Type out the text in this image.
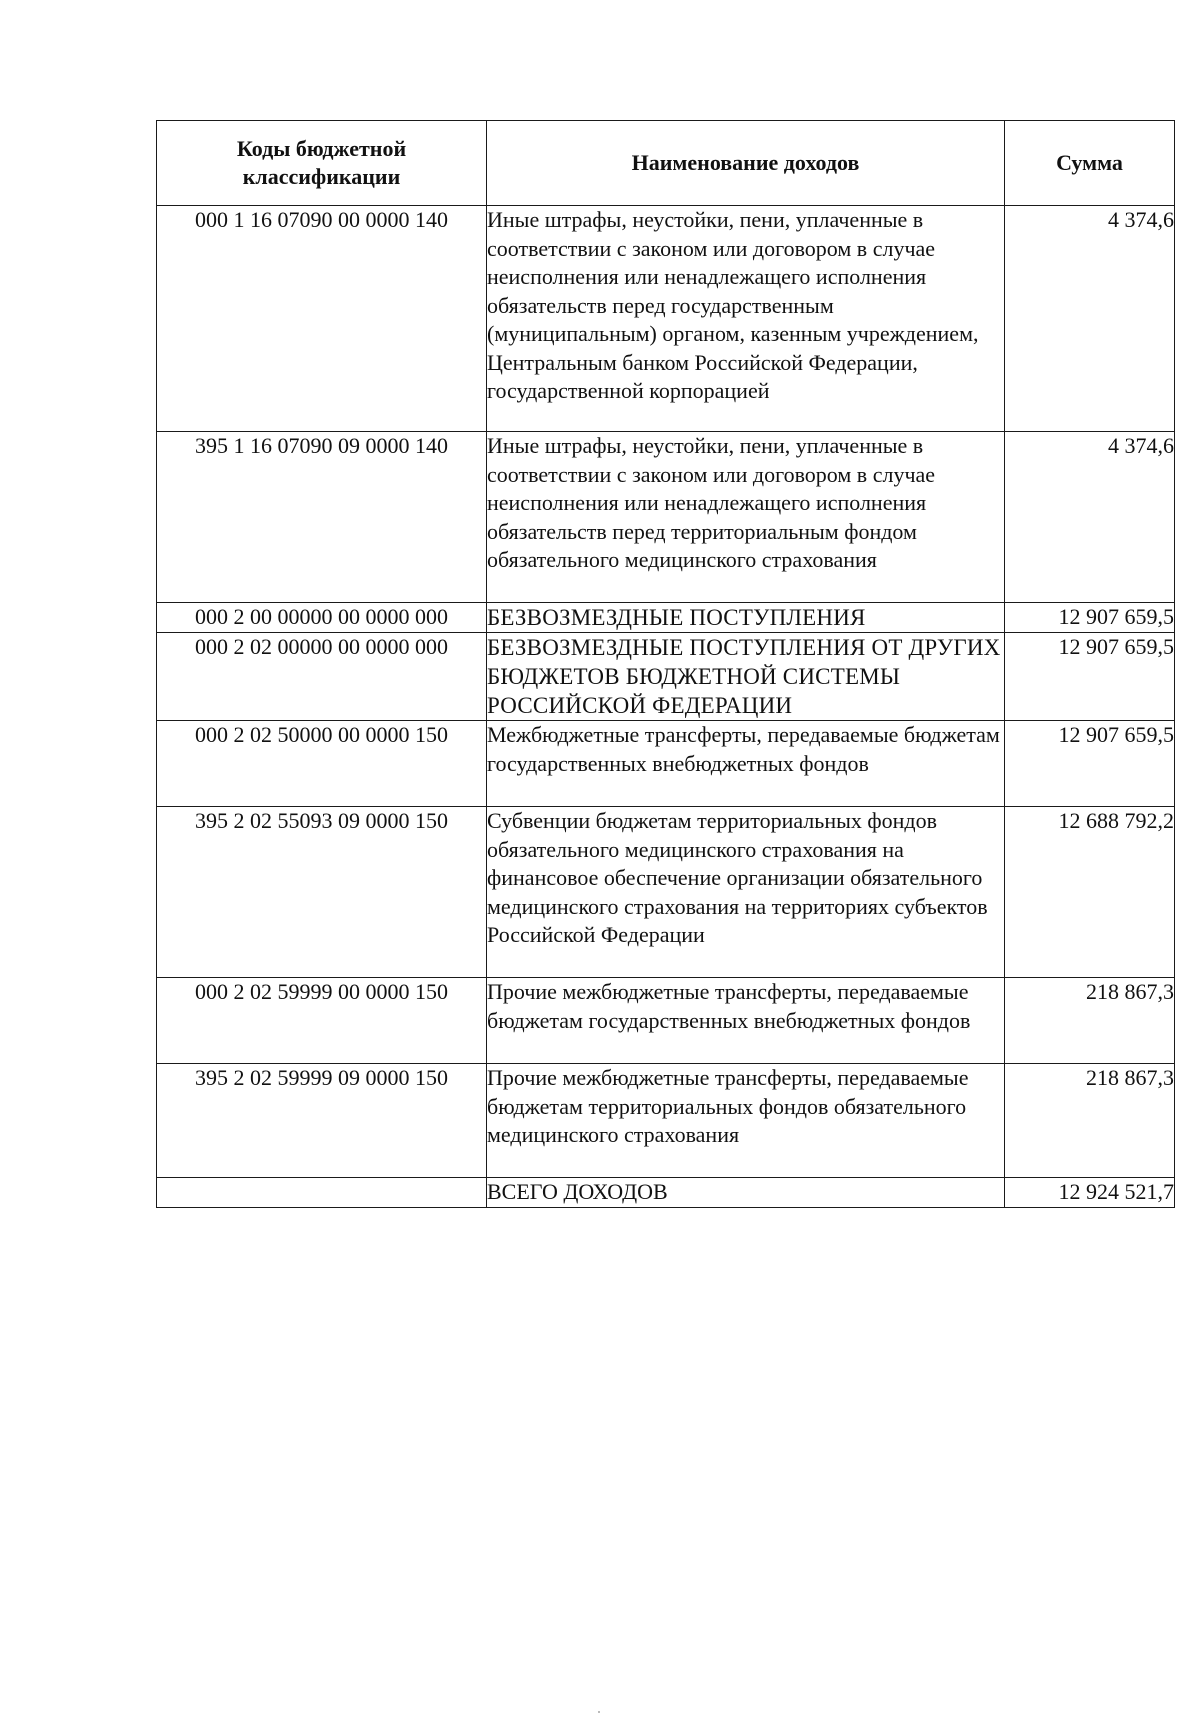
Коды бюджетной классификации	Наименование доходов	Сумма
000 1 16 07090 00 0000 140	Иные штрафы, неустойки, пени, уплаченные в соответствии с законом или договором в случае неисполнения или ненадлежащего исполнения обязательств перед государственным (муниципальным) органом, казенным учреждением, Центральным банком Российской Федерации, государственной корпорацией	4 374,6
395 1 16 07090 09 0000 140	Иные штрафы, неустойки, пени, уплаченные в соответствии с законом или договором в случае неисполнения или ненадлежащего исполнения обязательств перед территориальным фондом обязательного медицинского страхования	4 374,6
000 2 00 00000 00 0000 000	БЕЗВОЗМЕЗДНЫЕ ПОСТУПЛЕНИЯ	12 907 659,5
000 2 02 00000 00 0000 000	БЕЗВОЗМЕЗДНЫЕ ПОСТУПЛЕНИЯ ОТ ДРУГИХ БЮДЖЕТОВ БЮДЖЕТНОЙ СИСТЕМЫ РОССИЙСКОЙ ФЕДЕРАЦИИ	12 907 659,5
000 2 02 50000 00 0000 150	Межбюджетные трансферты, передаваемые бюджетам государственных внебюджетных фондов	12 907 659,5
395 2 02 55093 09 0000 150	Субвенции бюджетам территориальных фондов обязательного медицинского страхования на финансовое обеспечение организации обязательного медицинского страхования на территориях субъектов Российской Федерации	12 688 792,2
000 2 02 59999 00 0000 150	Прочие межбюджетные трансферты, передаваемые бюджетам государственных внебюджетных фондов	218 867,3
395 2 02 59999 09 0000 150	Прочие межбюджетные трансферты, передаваемые бюджетам территориальных фондов обязательного медицинского страхования	218 867,3
	ВСЕГО ДОХОДОВ	12 924 521,7
